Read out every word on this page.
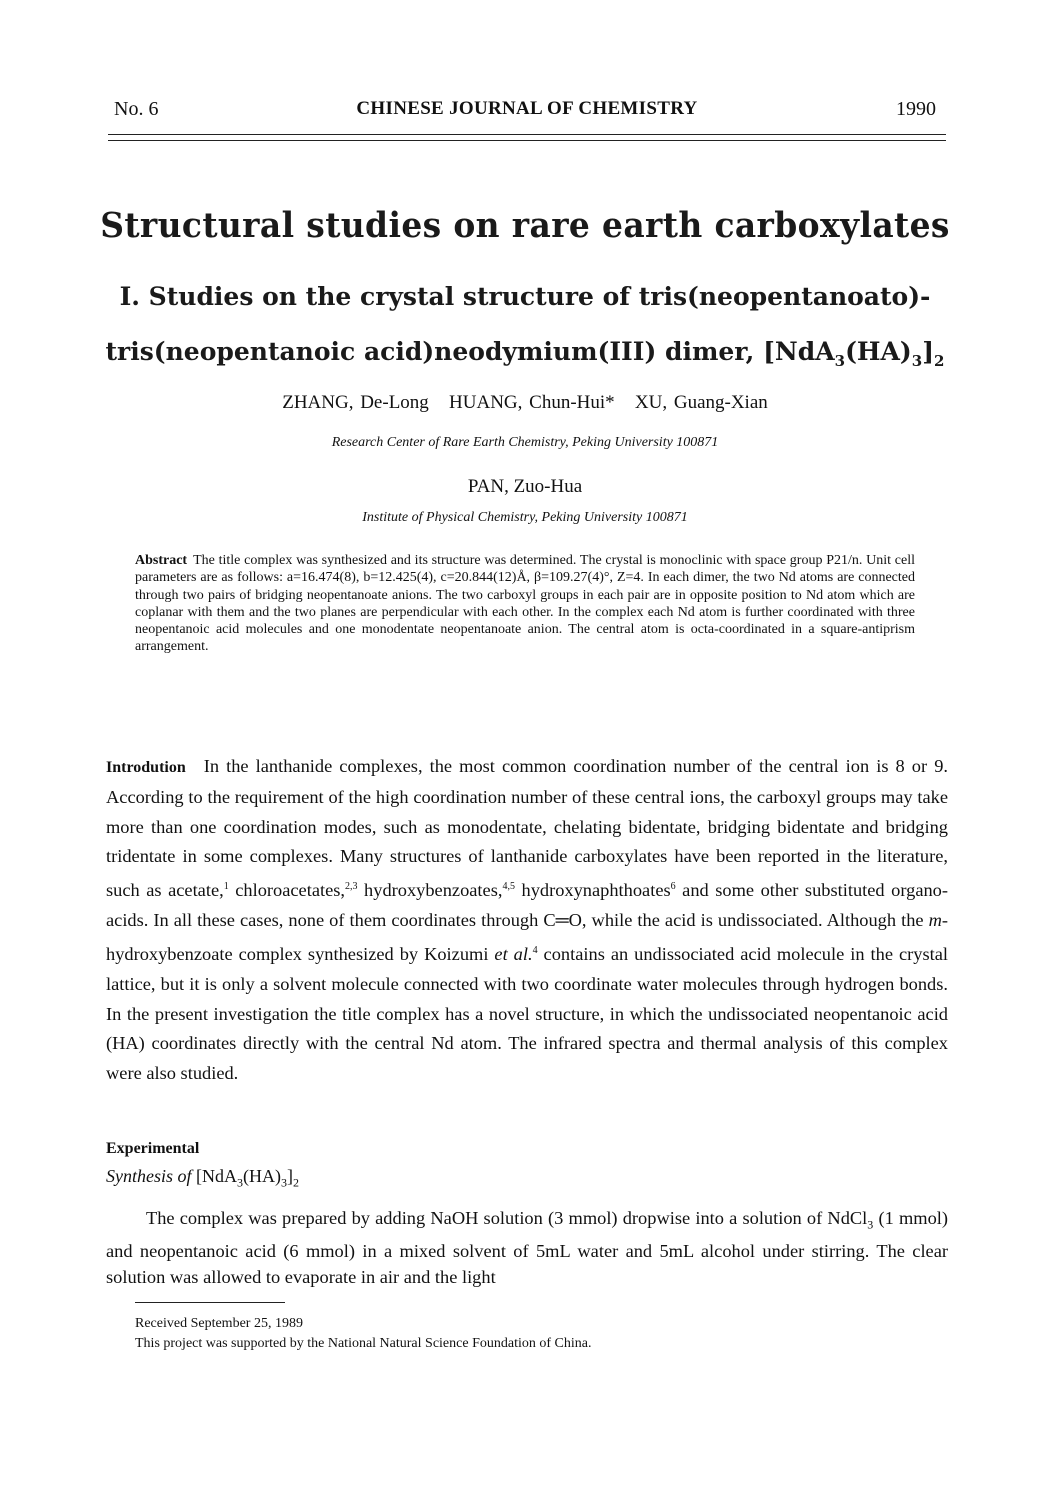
No. 6	CHINESE JOURNAL OF CHEMISTRY	1990
Structural studies on rare earth carboxylates
I. Studies on the crystal structure of tris(neopentanoato)-
tris(neopentanoic acid)neodymium(III) dimer, $[NdA_3(HA)_3]_2$
ZHANG, De-Long   HUANG, Chun-Hui*   XU, Guang-Xian
Research Center of Rare Earth Chemistry, Peking University 100871
PAN, Zuo-Hua
Institute of Physical Chemistry, Peking University 100871
Abstract The title complex was synthesized and its structure was determined. The crystal is monoclinic with space group P21/n. Unit cell parameters are as follows: a=16.474(8), b=12.425(4), c=20.844(12)Å, β=109.27(4)°, Z=4. In each dimer, the two Nd atoms are connected through two pairs of bridging neopentanoate anions. The two carboxyl groups in each pair are in opposite position to Nd atom which are coplanar with them and the two planes are perpendicular with each other. In the complex each Nd atom is further coordinated with three neopentanoic acid molecules and one monodentate neopentanoate anion. The central atom is octa-coordinated in a square-antiprism arrangement.
Introdution In the lanthanide complexes, the most common coordination number of the central ion is 8 or 9. According to the requirement of the high coordination number of these central ions, the carboxyl groups may take more than one coordination modes, such as monodentate, chelating bidentate, bridging bidentate and bridging tridentate in some complexes. Many structures of lanthanide carboxylates have been reported in the literature, such as acetate,$^1$ chloroacetates,$^{2,3}$ hydroxybenzoates,$^{4,5}$ hydroxynaphthoates$^6$ and some other substituted organo-acids. In all these cases, none of them coordinates through C═O, while the acid is undissociated. Although the m-hydroxybenzoate complex synthesized by Koizumi et al.$^4$ contains an undissociated acid molecule in the crystal lattice, but it is only a solvent molecule connected with two coordinate water molecules through hydrogen bonds. In the present investigation the title complex has a novel structure, in which the undissociated neopentanoic acid (HA) coordinates directly with the central Nd atom. The infrared spectra and thermal analysis of this complex were also studied.
Experimental
Synthesis of $[NdA_3(HA)_3]_2$
The complex was prepared by adding NaOH solution (3 mmol) dropwise into a solution of NdCl$_3$ (1 mmol) and neopentanoic acid (6 mmol) in a mixed solvent of 5mL water and 5mL alcohol under stirring. The clear solution was allowed to evaporate in air and the light
Received September 25, 1989
This project was supported by the National Natural Science Foundation of China.
